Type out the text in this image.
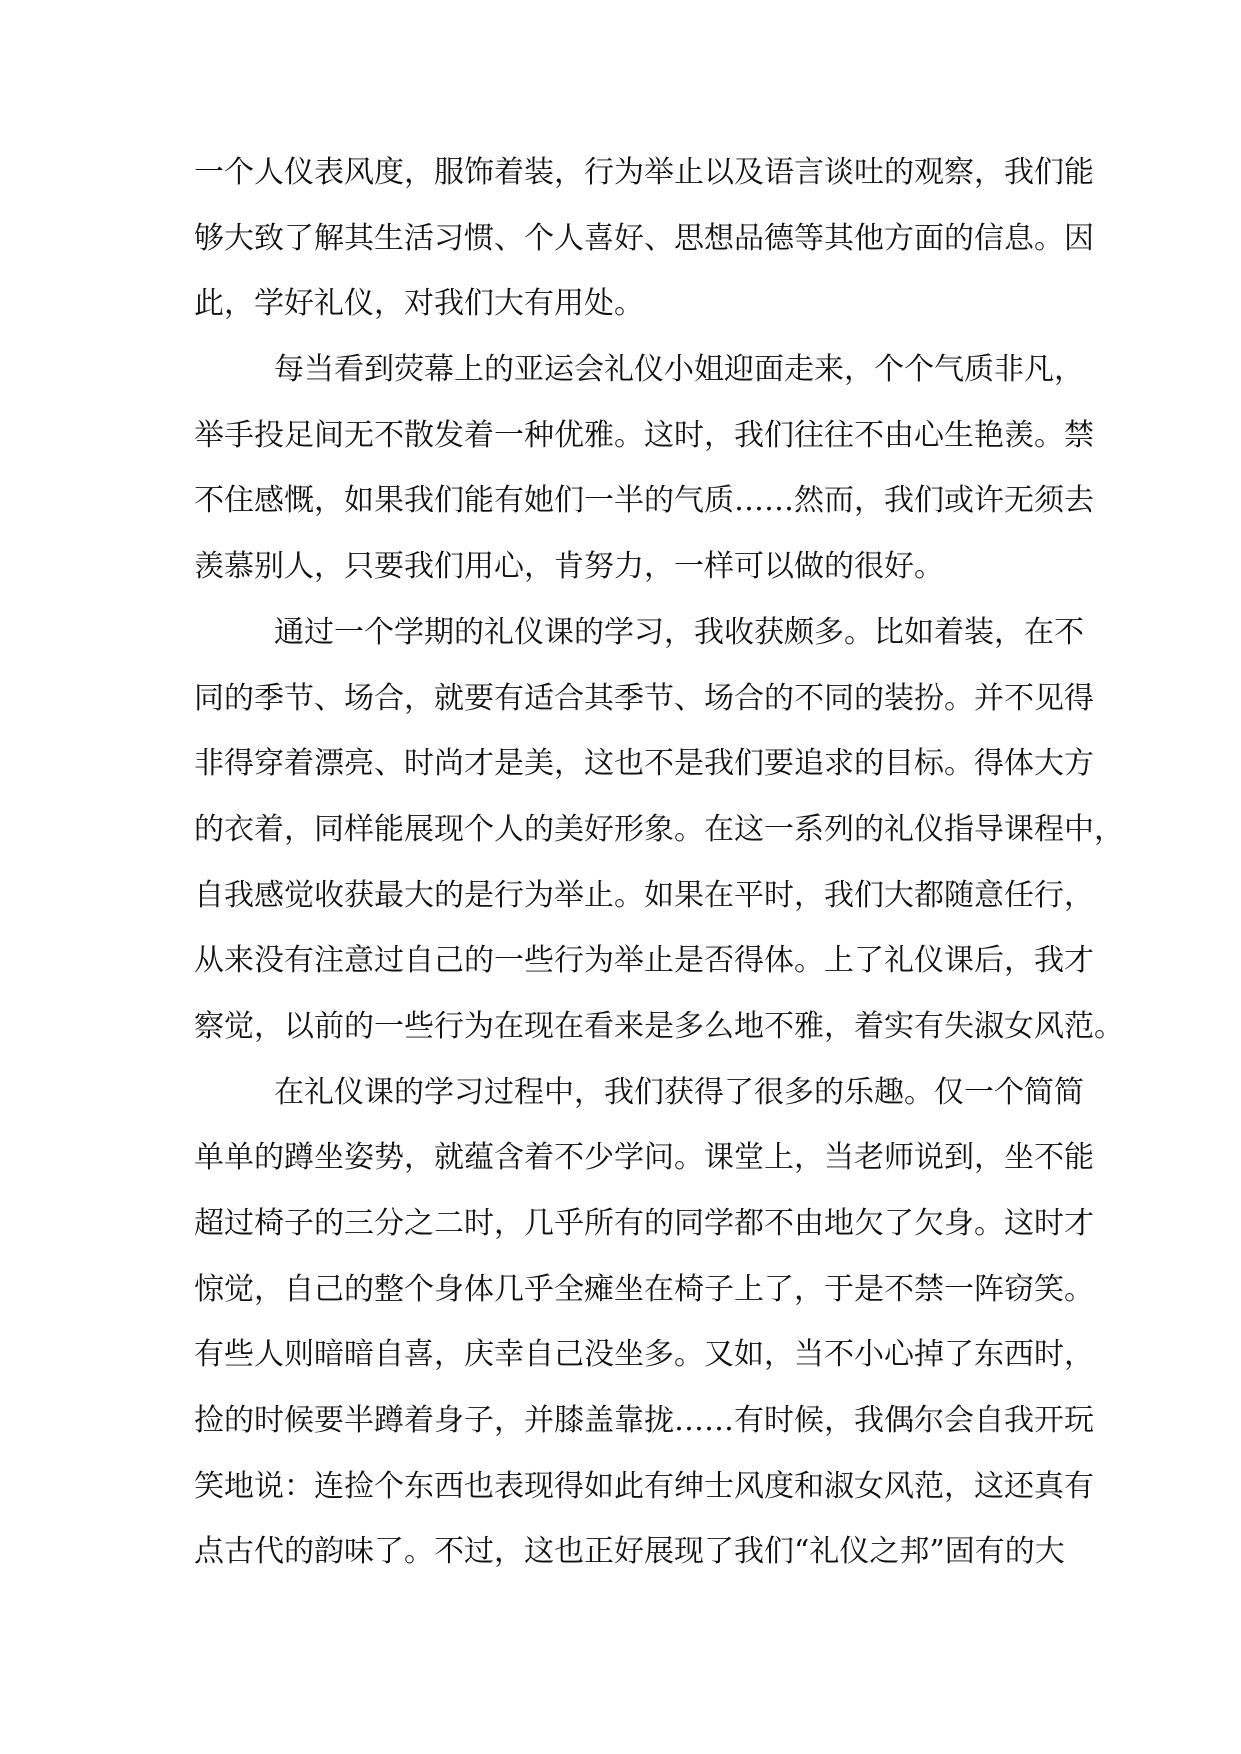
一 个 人 仪 表 风 度 ， 服 饰 着 装 ， 行 为 举 止 以 及 语 言 谈 吐 的 观 察 ， 我 们 能
够 大 致 了 解 其 生 活 习 惯 、 个 人 喜 好 、 思 想 品 德 等 其 他 方 面 的 信 息 。 因
此，学好礼仪，对我们大有用处。
每 当 看 到 荧 幕 上 的 亚 运 会 礼 仪 小 姐 迎 面 走 来 ， 个 个 气 质 非 凡 ，
举 手 投 足 间 无 不 散 发 着 一 种 优 雅 。 这 时 ， 我 们 往 往 不 由 心 生 艳 羡 。 禁
不 住 感 慨 ， 如 果 我 们 能 有 她 们 一 半 的 气 质 … … 然 而 ， 我 们 或 许 无 须 去
羡慕别人，只要我们用心，肯努力，一样可以做的很好。
通 过 一 个 学 期 的 礼 仪 课 的 学 习 ， 我 收 获 颇 多 。 比 如 着 装 ， 在 不
同 的 季 节 、 场 合 ， 就 要 有 适 合 其 季 节 、 场 合 的 不 同 的 装 扮 。 并 不 见 得
非 得 穿 着 漂 亮 、 时 尚 才 是 美 ， 这 也 不 是 我 们 要 追 求 的 目 标 。 得 体 大 方
的 衣 着 ， 同 样 能 展 现 个 人 的 美 好 形 象 。 在 这 一 系 列 的 礼 仪 指 导 课 程 中 ，
自 我 感 觉 收 获 最 大 的 是 行 为 举 止 。 如 果 在 平 时 ， 我 们 大 都 随 意 任 行 ，
从 来 没 有 注 意 过 自 己 的 一 些 行 为 举 止 是 否 得 体 。 上 了 礼 仪 课 后 ， 我 才
察觉，以前的一些行为在现在看来是多么地不雅，着实有失淑女风范。
在 礼 仪 课 的 学 习 过 程 中 ， 我 们 获 得 了 很 多 的 乐 趣 。 仅 一 个 简 简
单 单 的 蹲 坐 姿 势 ， 就 蕴 含 着 不 少 学 问 。 课 堂 上 ， 当 老 师 说 到 ， 坐 不 能
超 过 椅 子 的 三 分 之 二 时 ， 几 乎 所 有 的 同 学 都 不 由 地 欠 了 欠 身 。 这 时 才
惊 觉 ， 自 己 的 整 个 身 体 几 乎 全 瘫 坐 在 椅 子 上 了 ， 于 是 不 禁 一 阵 窃 笑 。
有 些 人 则 暗 暗 自 喜 ， 庆 幸 自 己 没 坐 多 。 又 如 ， 当 不 小 心 掉 了 东 西 时 ，
捡 的 时 候 要 半 蹲 着 身 子 ， 并 膝 盖 靠 拢 … … 有 时 候 ， 我 偶 尔 会 自 我 开 玩
笑 地 说 ： 连 捡 个 东 西 也 表 现 得 如 此 有 绅 士 风 度 和 淑 女 风 范 ， 这 还 真 有
点 古 代 的 韵 味 了 。 不 过 ， 这 也 正 好 展 现 了 我 们 “ 礼 仪 之 邦 ” 固 有 的 大
